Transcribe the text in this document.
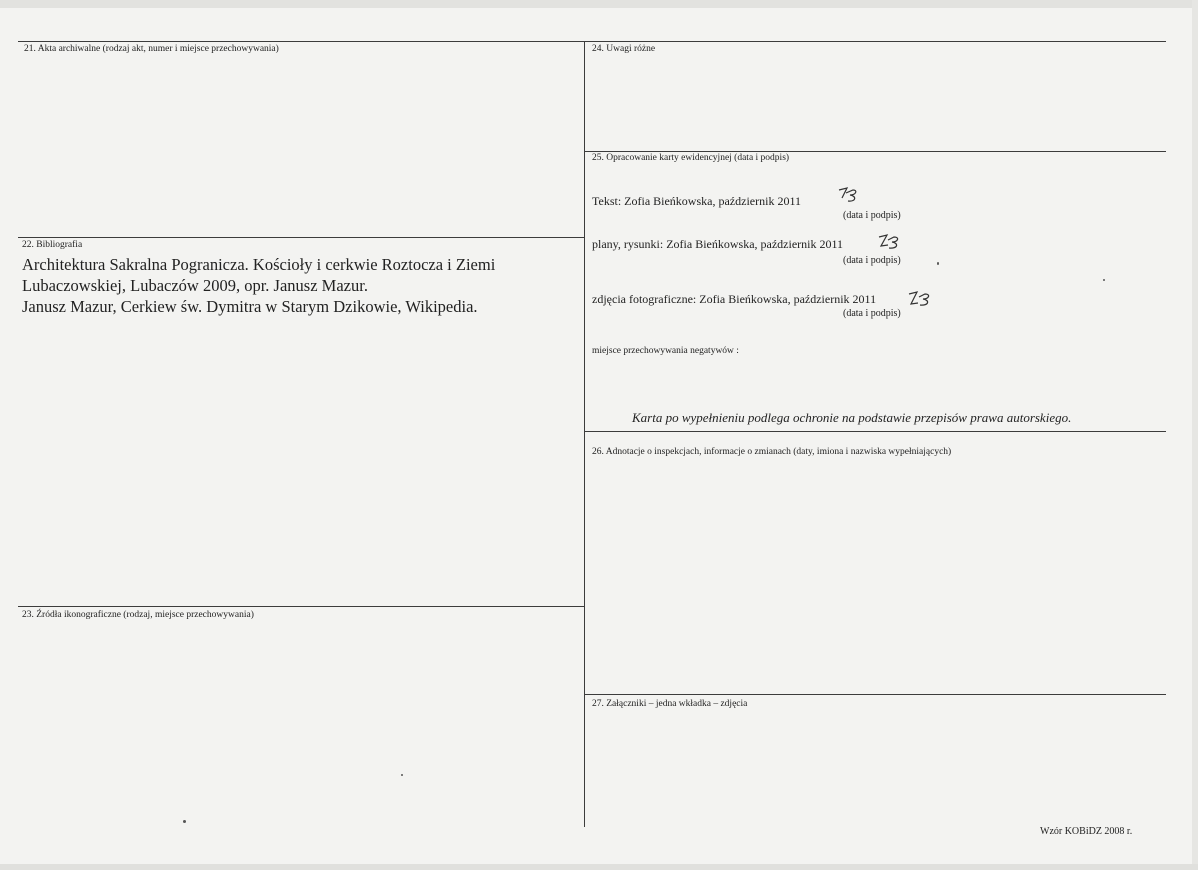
21. Akta archiwalne (rodzaj akt, numer i miejsce przechowywania)
22. Bibliografia
Architektura Sakralna Pogranicza. Kościoły i cerkwie Roztocza i Ziemi
Lubaczowskiej, Lubaczów 2009, opr. Janusz Mazur.
Janusz Mazur, Cerkiew św. Dymitra w Starym Dzikowie, Wikipedia.
23. Źródła ikonograficzne (rodzaj, miejsce przechowywania)
24. Uwagi różne
25. Opracowanie karty ewidencyjnej (data i podpis)
Tekst: Zofia Bieńkowska, październik 2011
(data i podpis)
plany, rysunki: Zofia Bieńkowska, październik 2011
(data i podpis)
zdjęcia fotograficzne: Zofia Bieńkowska, październik 2011
(data i podpis)
miejsce przechowywania negatywów :
Karta po wypełnieniu podlega ochronie na podstawie przepisów prawa autorskiego.
26. Adnotacje o inspekcjach, informacje o zmianach (daty, imiona i nazwiska wypełniających)
27. Załączniki – jedna wkładka – zdjęcia
Wzór KOBiDZ 2008 r.
